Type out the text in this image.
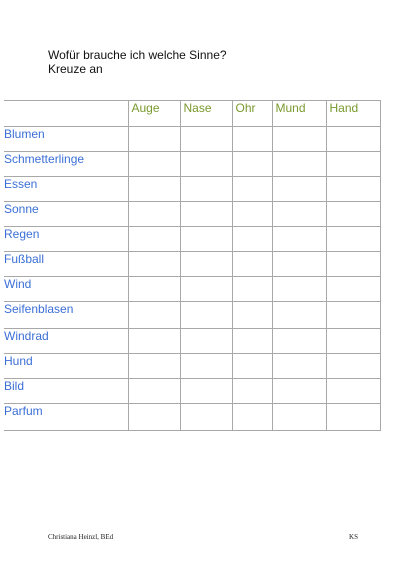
Wofür brauche ich welche Sinne?
Kreuze an
	Auge	Nase	Ohr	Mund	Hand
Blumen					
Schmetterlinge					
Essen					
Sonne					
Regen					
Fußball					
Wind					
Seifenblasen					
Windrad					
Hund					
Bild					
Parfum					
Christiana Heinzl, BEd	KS
